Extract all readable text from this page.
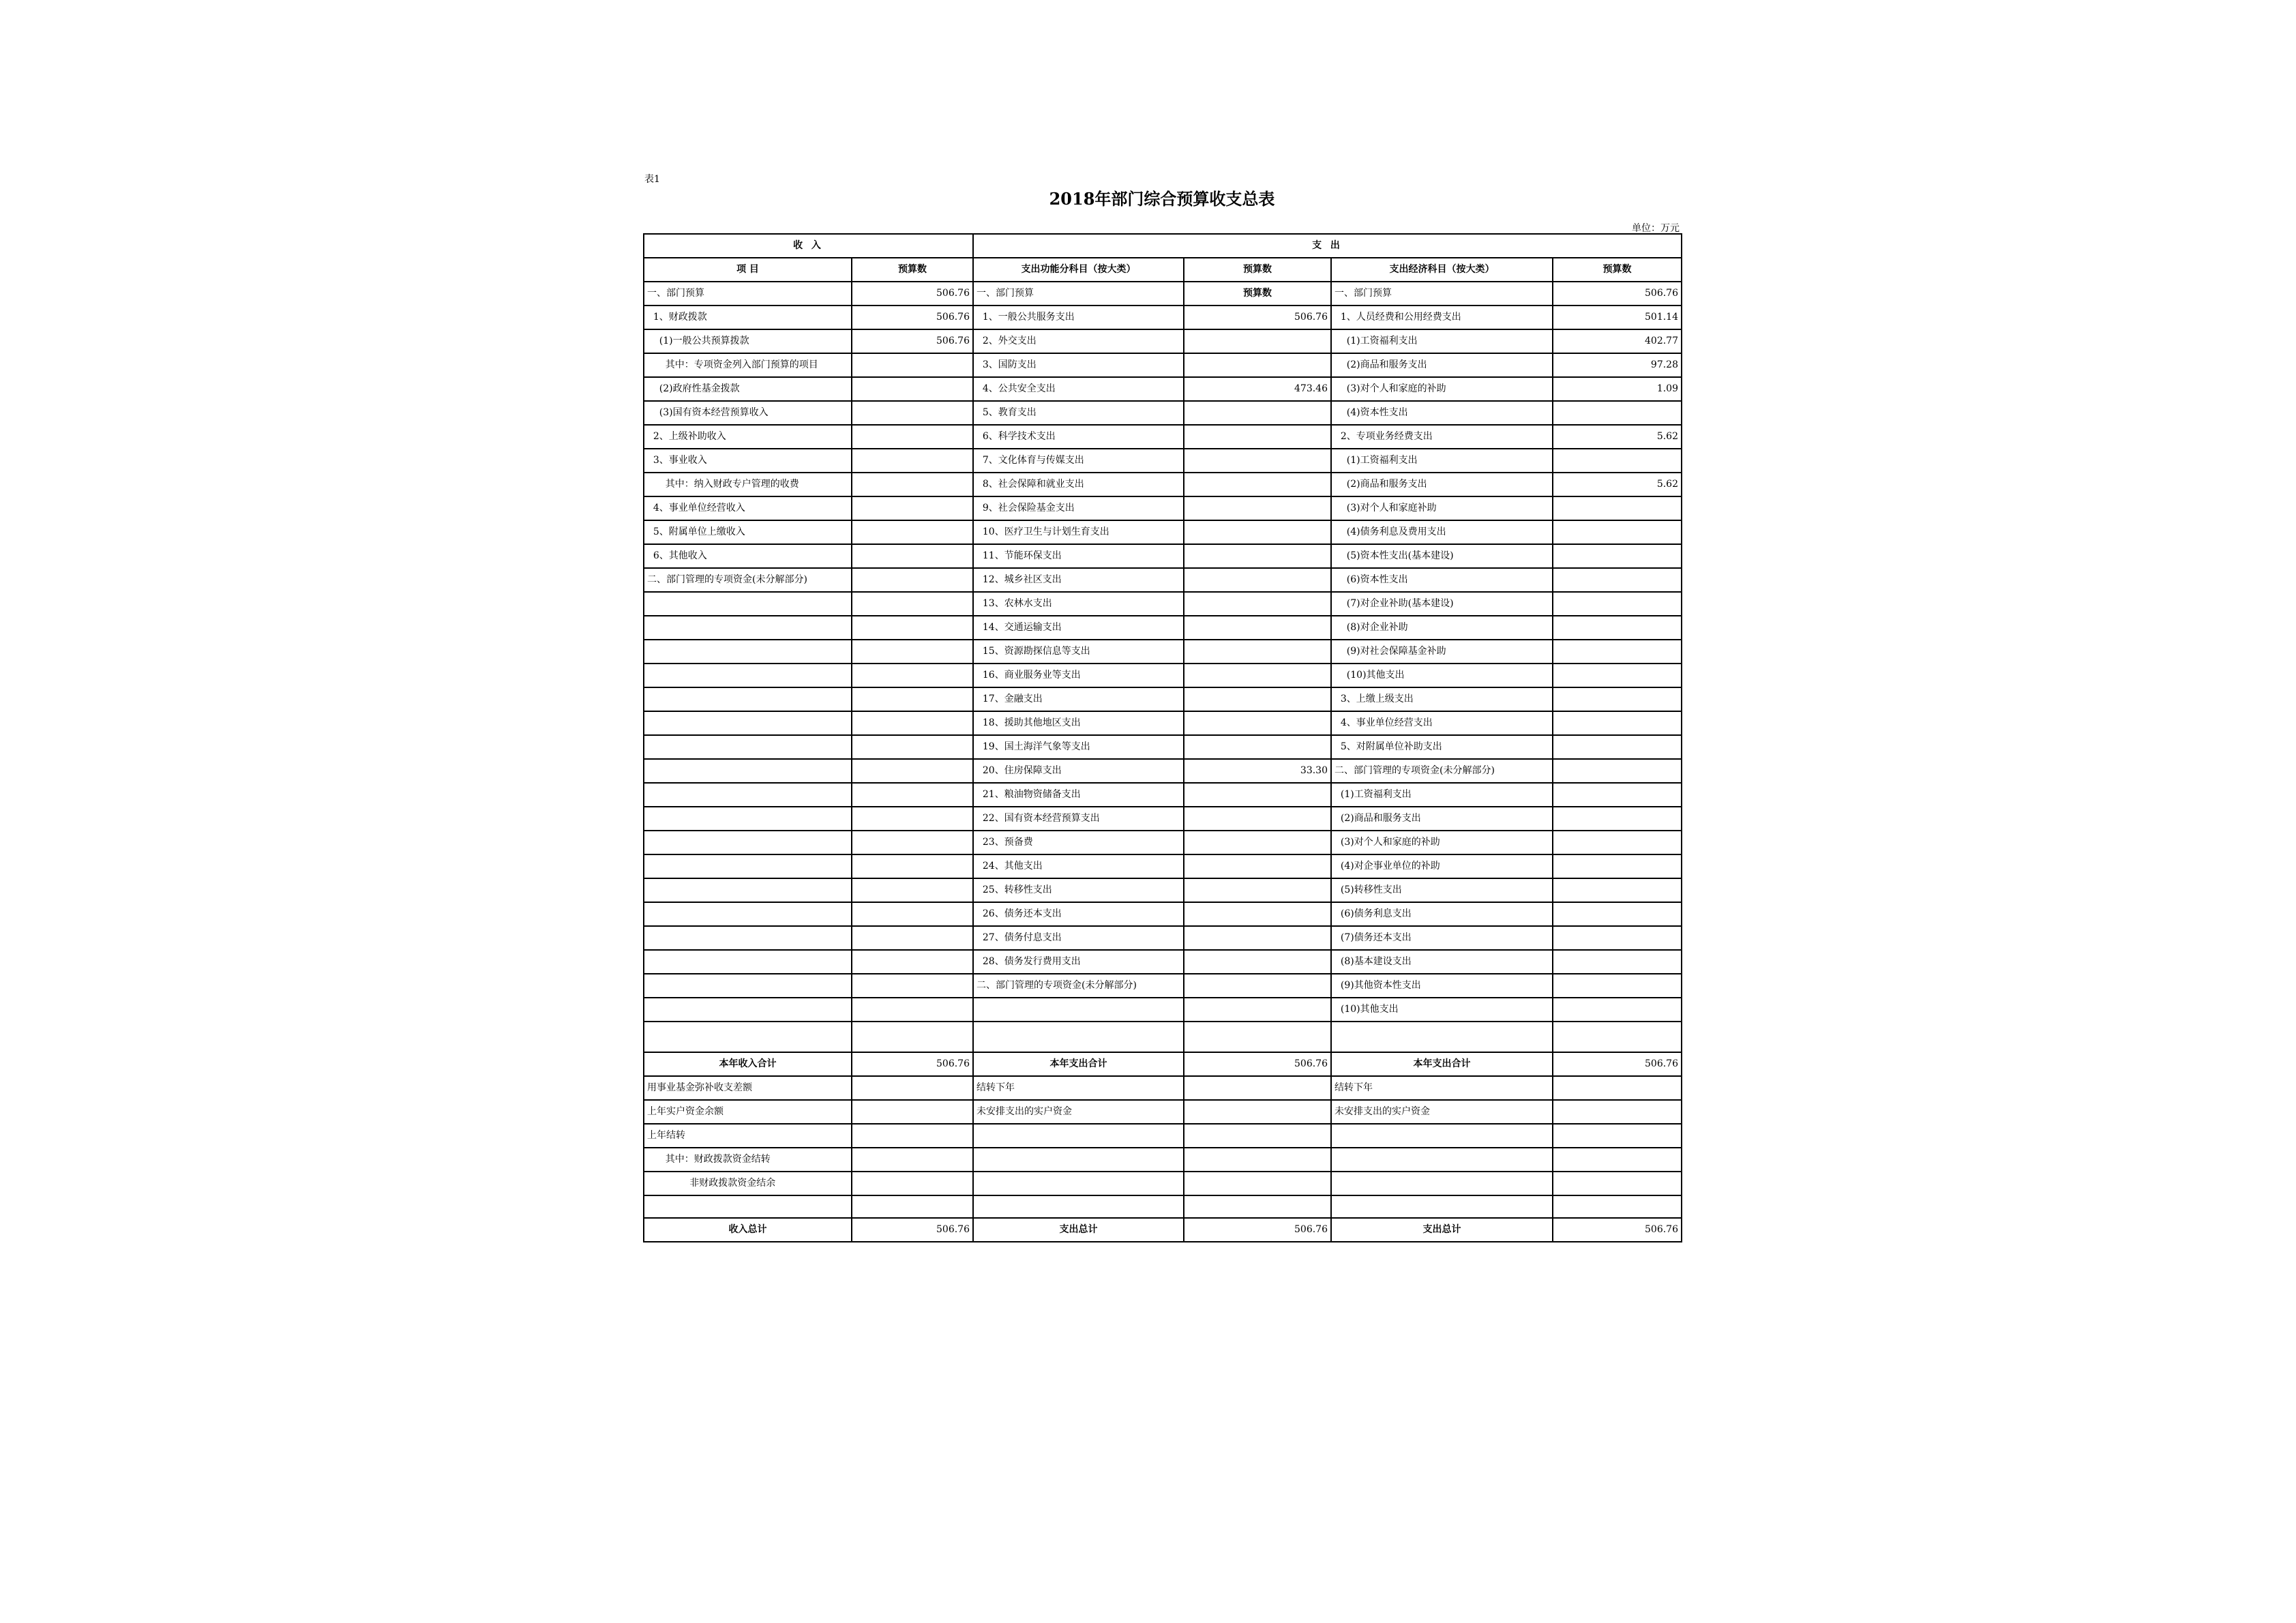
表1
2018年部门综合预算收支总表
单位：万元
收 入		支 出			
项 目	预算数	支出功能分科目（按大类）	预算数	支出经济科目（按大类）	预算数
一、部门预算	506.76	一、部门预算	预算数	一、部门预算	506.76
1、财政拨款	506.76	1、一般公共服务支出	506.76	1、人员经费和公用经费支出	501.14
(1)一般公共预算拨款	506.76	2、外交支出		(1)工资福利支出	402.77
其中：专项资金列入部门预算的项目		3、国防支出		(2)商品和服务支出	97.28
(2)政府性基金拨款		4、公共安全支出	473.46	(3)对个人和家庭的补助	1.09
(3)国有资本经营预算收入		5、教育支出		(4)资本性支出	
2、上级补助收入		6、科学技术支出		2、专项业务经费支出	5.62
3、事业收入		7、文化体育与传媒支出		(1)工资福利支出	
其中：纳入财政专户管理的收费		8、社会保障和就业支出		(2)商品和服务支出	5.62
4、事业单位经营收入		9、社会保险基金支出		(3)对个人和家庭补助	
5、附属单位上缴收入		10、医疗卫生与计划生育支出		(4)债务利息及费用支出	
6、其他收入		11、节能环保支出		(5)资本性支出(基本建设)	
二、部门管理的专项资金(未分解部分)		12、城乡社区支出		(6)资本性支出	
		13、农林水支出		(7)对企业补助(基本建设)	
		14、交通运输支出		(8)对企业补助	
		15、资源勘探信息等支出		(9)对社会保障基金补助	
		16、商业服务业等支出		(10)其他支出	
		17、金融支出		3、上缴上级支出	
		18、援助其他地区支出		4、事业单位经营支出	
		19、国土海洋气象等支出		5、对附属单位补助支出	
		20、住房保障支出	33.30	二、部门管理的专项资金(未分解部分)	
		21、粮油物资储备支出		(1)工资福利支出	
		22、国有资本经营预算支出		(2)商品和服务支出	
		23、预备费		(3)对个人和家庭的补助	
		24、其他支出		(4)对企事业单位的补助	
		25、转移性支出		(5)转移性支出	
		26、债务还本支出		(6)债务利息支出	
		27、债务付息支出		(7)债务还本支出	
		28、债务发行费用支出		(8)基本建设支出	
		二、部门管理的专项资金(未分解部分)		(9)其他资本性支出	
				(10)其他支出	

本年收入合计	506.76	本年支出合计	506.76	本年支出合计	506.76
用事业基金弥补收支差额		结转下年		结转下年	
上年实户资金余额		未安排支出的实户资金		未安排支出的实户资金	
上年结转					
其中：财政拨款资金结转					
非财政拨款资金结余					

收入总计	506.76	支出总计	506.76	支出总计	506.76
